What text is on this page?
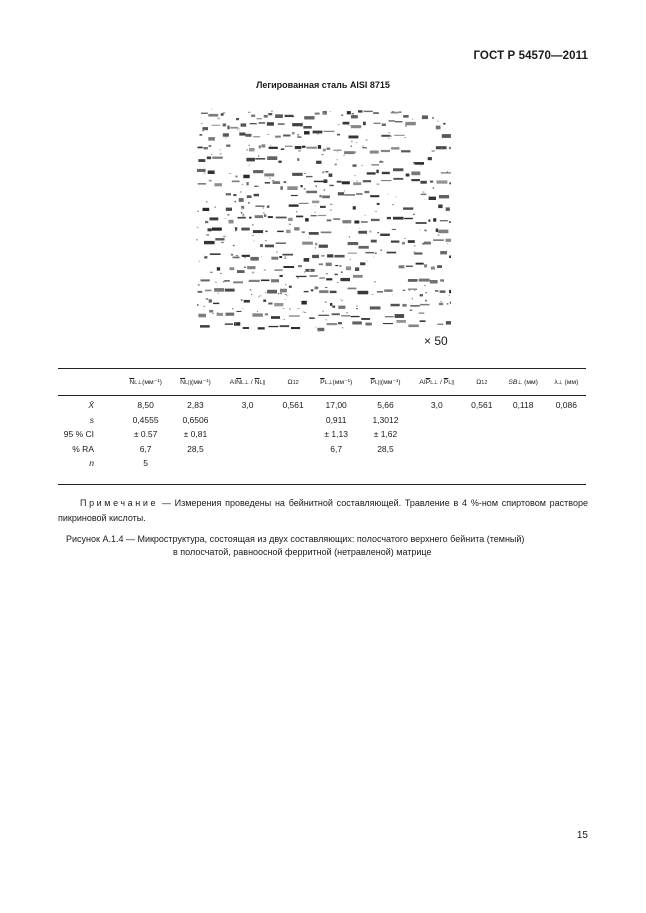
ГОСТ Р 54570—2011
Легированная сталь AISI 8715
× 50
	$\overline{N}L\perp(мм^{-1})$	$\overline{N}L||(мм^{-1})$	$AI\overline{N}L\perp / \overline{N}L||$	Ω12	$\overline{P}L\perp(мм^{-1})$	$\overline{P}L||(мм^{-1})$	$AI\overline{P}L\perp / \overline{P}L||$	Ω12	SB⊥ (мм)	λ⊥ (мм)
X̄	8,50	2,83	3,0	0,561	17,00	5,66	3,0	0,561	0,118	0,086
s	0,4555	0,6506			0,911	1,3012				
95 % CI	± 0.57	± 0,81			± 1,13	± 1,62				
% RA	6,7	28,5			6,7	28,5				
n	5									
Примечание — Измерения проведены на бейнитной составляющей. Травление в 4 %-ном спиртовом растворе пикриновой кислоты.
Рисунок А.1.4 — Микроструктура, состоящая из двух составляющих: полосчатого верхнего бейнита (темный)
в полосчатой, равноосной ферритной (нетравленой) матрице
15
